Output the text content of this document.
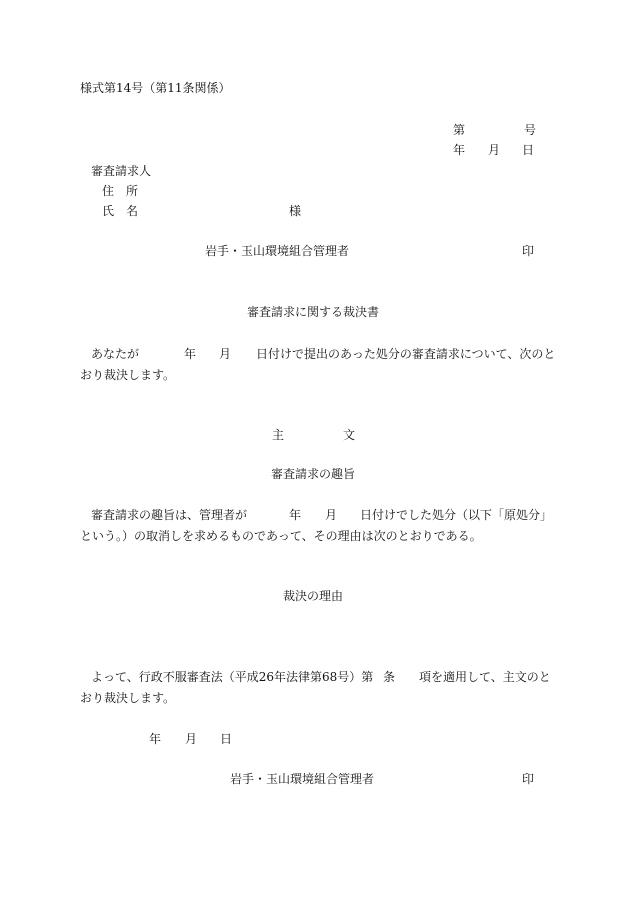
様式第14号（第11条関係）
第	号
年 月 日
審査請求人
住　所
氏　名	様
岩手・玉山環境組合管理者	印
審査請求に関する裁決書
あなたが	年 月 日付けで提出のあった処分の審査請求について、次のと
おり裁決します。
主	文
審査請求の趣旨
審査請求の趣旨は、管理者が	年 月 日付けでした処分（以下「原処分」
という。）の取消しを求めるものであって、その理由は次のとおりである。
裁決の理由
よって、行政不服審査法（平成26年法律第68号）第 条 項を適用して、主文のと
おり裁決します。
年 月 日
岩手・玉山環境組合管理者	印
